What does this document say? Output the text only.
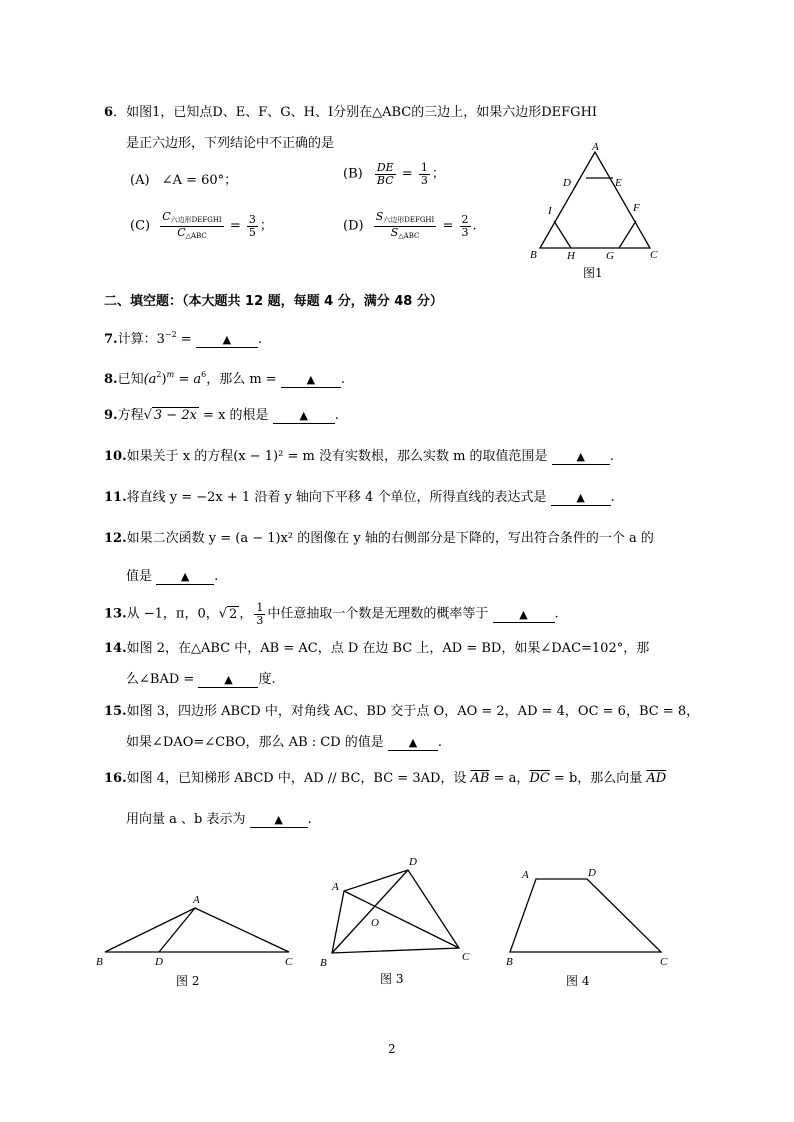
6．如图1，已知点D、E、F、G、H、I分别在△ABC的三边上，如果六边形DEFGHI
是正六边形，下列结论中不正确的是
(A) ∠A = 60°；	$(B) \frac{DE}{BC} = \frac{1}{3}$ ；
$(C) \frac{C_{六边形DEFGHI}}{C_{\triangle ABC}} = \frac{3}{5}$ ；	$(D) \frac{S_{六边形DEFGHI}}{S_{\triangle ABC}} = \frac{2}{3}$ .
A
D	E
I	F
B	H	G	C
图1
二、填空题：（本大题共 12 题，每题 4 分，满分 48 分）
7.计算：$3^{-2}$ =	▲ .
8.已知$(a^2)^m = a^6$，那么 m =	▲ .
9.方程√ 3 − 2x = x 的根是	▲ .
10.如果关于 x 的方程(x − 1)² = m 没有实数根，那么实数 m 的取值范围是	▲ .
11.将直线 y = −2x + 1 沿着 y 轴向下平移 4 个单位，所得直线的表达式是	▲ .
12.如果二次函数 y = (a − 1)x² 的图像在 y 轴的右侧部分是下降的，写出符合条件的一个 a 的
值是	▲ .
13.从 −1，π，0，√ 2 ， $\frac{1}{3}$ 中任意抽取一个数是无理数的概率等于	▲ .
14.如图 2，在△ABC 中，AB = AC，点 D 在边 BC 上，AD = BD，如果∠DAC=102°，那
么∠BAD =	▲ 度.
15.如图 3，四边形 ABCD 中，对角线 AC、BD 交于点 O，AO = 2，AD = 4，OC = 6，BC = 8，
如果∠DAO=∠CBO，那么 AB : CD 的值是 ▲ .
16.如图 4，已知梯形 ABCD 中，AD // BC，BC = 3AD，设 $\overline{AB} = a$，$\overline{DC} = b$，那么向量 $\overline{AD}$
用向量 a 、b 表示为	▲ .
A
B	D	C
图 2
A
D
O
B	C
图 3
A	D
B	C
图 4
2
